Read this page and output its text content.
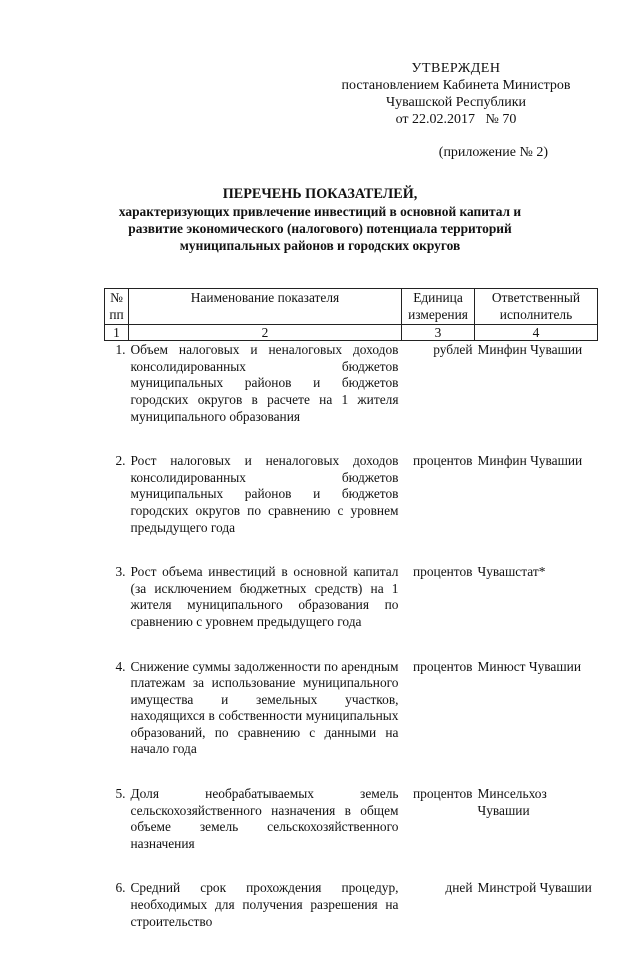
УТВЕРЖДЕН
постановлением Кабинета Министров
Чувашской Республики
от 22.02.2017   № 70
(приложение № 2)
ПЕРЕЧЕНЬ ПОКАЗАТЕЛЕЙ,
характеризующих привлечение инвестиций в основной капитал и развитие экономического (налогового) потенциала территорий муниципальных районов и городских округов
№ пп	Наименование показателя	Единица измерения	Ответственный исполнитель
1	2	3	4
1.	Объем налоговых и неналоговых доходов консолидированных бюджетов муниципальных районов и бюджетов городских округов в расчете на 1 жителя муниципального образования	рублей	Минфин Чувашии
2.	Рост налоговых и неналоговых доходов консолидированных бюджетов муниципальных районов и бюджетов городских округов по сравнению с уровнем предыдущего года	процентов	Минфин Чувашии
3.	Рост объема инвестиций в основной капитал (за исключением бюджетных средств) на 1 жителя муниципального образования по сравнению с уровнем предыдущего года	процентов	Чувашстат*
4.	Снижение суммы задолженности по арендным платежам за использование муниципального имущества и земельных участков, находящихся в собственности муниципальных образований, по сравнению с данными на начало года	процентов	Минюст Чувашии
5.	Доля необрабатываемых земель сельскохозяйственного назначения в общем объеме земель сельскохозяйственного назначения	процентов	Минсельхоз Чувашии
6.	Средний срок прохождения процедур, необходимых для получения разрешения на строительство	дней	Минстрой Чувашии
